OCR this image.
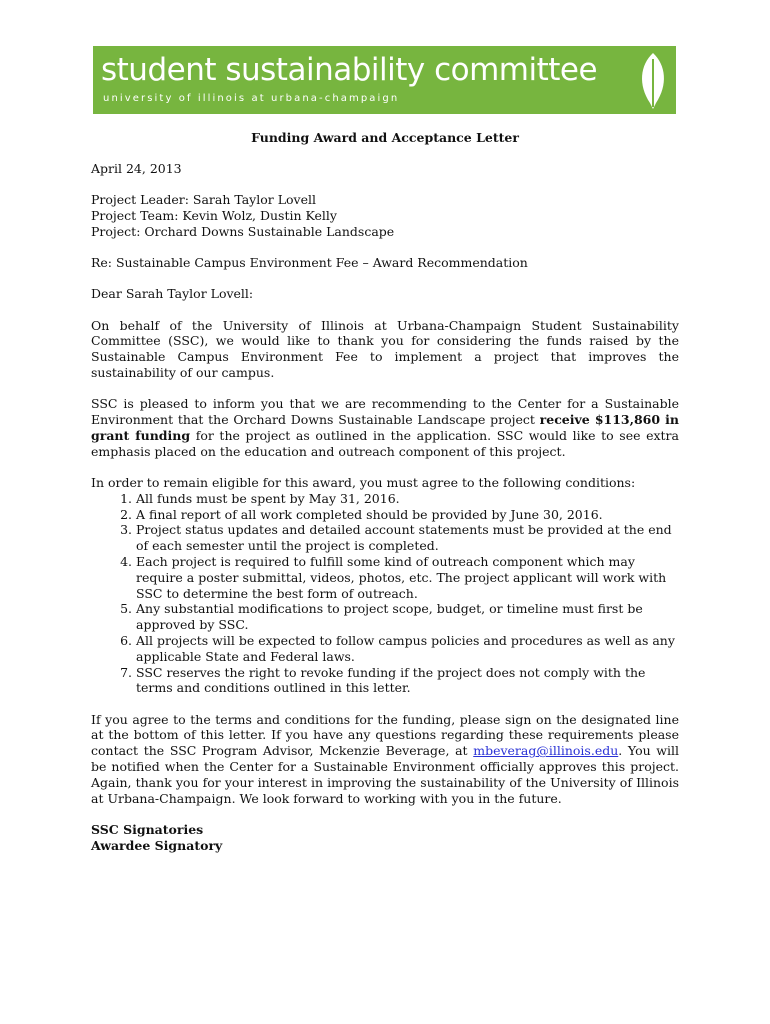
student sustainability committee
university of illinois at urbana-champaign
Funding Award and Acceptance Letter

April 24, 2013

Project Leader: Sarah Taylor Lovell
Project Team: Kevin Wolz, Dustin Kelly
Project: Orchard Downs Sustainable Landscape

Re: Sustainable Campus Environment Fee – Award Recommendation

Dear Sarah Taylor Lovell:

On behalf of the University of Illinois at Urbana-Champaign Student Sustainability Committee (SSC), we would like to thank you for considering the funds raised by the Sustainable Campus Environment Fee to implement a project that improves the sustainability of our campus.

SSC is pleased to inform you that we are recommending to the Center for a Sustainable Environment that the Orchard Downs Sustainable Landscape project receive $113,860 in grant funding for the project as outlined in the application. SSC would like to see extra emphasis placed on the education and outreach component of this project.

In order to remain eligible for this award, you must agree to the following conditions:
1. All funds must be spent by May 31, 2016.
2. A final report of all work completed should be provided by June 30, 2016.
3. Project status updates and detailed account statements must be provided at the end of each semester until the project is completed.
4. Each project is required to fulfill some kind of outreach component which may require a poster submittal, videos, photos, etc. The project applicant will work with SSC to determine the best form of outreach.
5. Any substantial modifications to project scope, budget, or timeline must first be approved by SSC.
6. All projects will be expected to follow campus policies and procedures as well as any applicable State and Federal laws.
7. SSC reserves the right to revoke funding if the project does not comply with the terms and conditions outlined in this letter.

If you agree to the terms and conditions for the funding, please sign on the designated line at the bottom of this letter. If you have any questions regarding these requirements please contact the SSC Program Advisor, Mckenzie Beverage, at mbeverag@illinois.edu. You will be notified when the Center for a Sustainable Environment officially approves this project. Again, thank you for your interest in improving the sustainability of the University of Illinois at Urbana-Champaign. We look forward to working with you in the future.

SSC Signatories
Awardee Signatory
